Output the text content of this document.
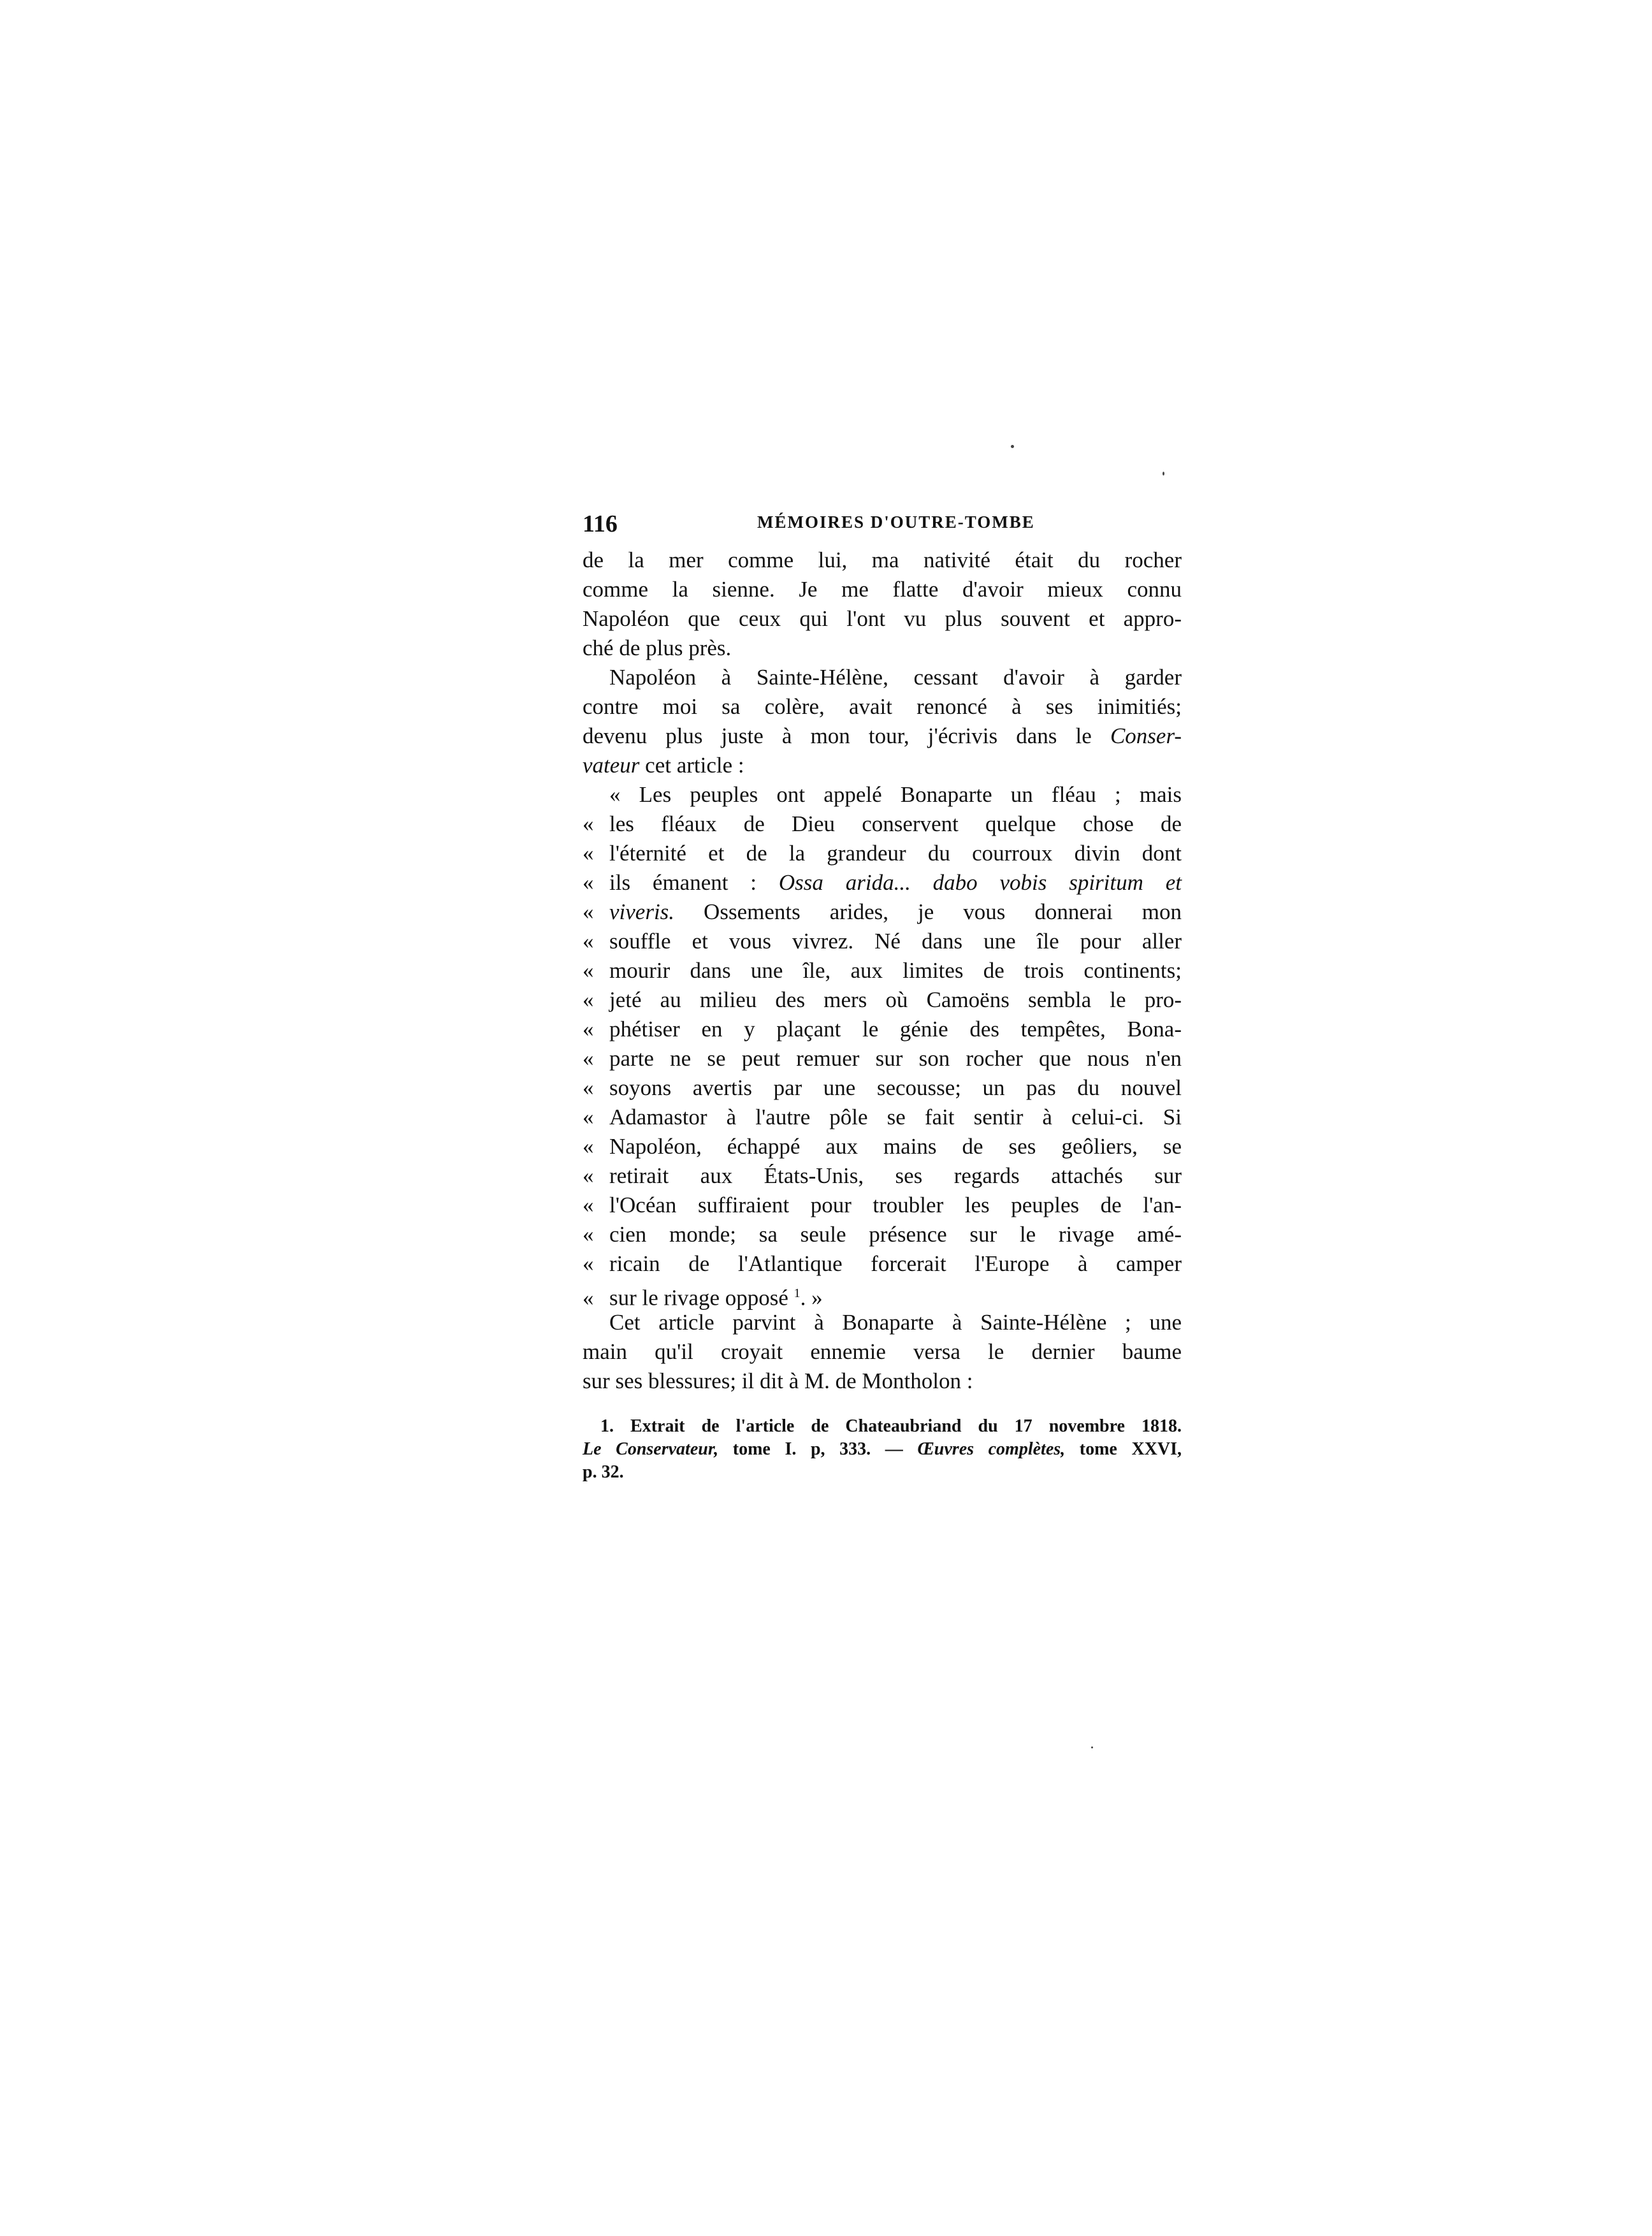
116	MÉMOIRES D'OUTRE-TOMBE
de la mer comme lui, ma nativité était du rocher
comme la sienne. Je me flatte d'avoir mieux connu
Napoléon que ceux qui l'ont vu plus souvent et appro-
ché de plus près.
Napoléon à Sainte-Hélène, cessant d'avoir à garder
contre moi sa colère, avait renoncé à ses inimitiés;
devenu plus juste à mon tour, j'écrivis dans le Conser-
vateur cet article :
« Les peuples ont appelé Bonaparte un fléau ; mais
« les fléaux de Dieu conservent quelque chose de
« l'éternité et de la grandeur du courroux divin dont
« ils émanent : Ossa arida... dabo vobis spiritum et
« viveris. Ossements arides, je vous donnerai mon
« souffle et vous vivrez. Né dans une île pour aller
« mourir dans une île, aux limites de trois continents;
« jeté au milieu des mers où Camoëns sembla le pro-
« phétiser en y plaçant le génie des tempêtes, Bona-
« parte ne se peut remuer sur son rocher que nous n'en
« soyons avertis par une secousse; un pas du nouvel
« Adamastor à l'autre pôle se fait sentir à celui-ci. Si
« Napoléon, échappé aux mains de ses geôliers, se
« retirait aux États-Unis, ses regards attachés sur
« l'Océan suffiraient pour troubler les peuples de l'an-
« cien monde; sa seule présence sur le rivage amé-
« ricain de l'Atlantique forcerait l'Europe à camper
« sur le rivage opposé $^1$. »
Cet article parvint à Bonaparte à Sainte-Hélène ; une
main qu'il croyait ennemie versa le dernier baume
sur ses blessures; il dit à M. de Montholon :
1. Extrait de l'article de Chateaubriand du 17 novembre 1818.
Le Conservateur, tome I. p, 333. — Œuvres complètes, tome XXVI,
p. 32.
